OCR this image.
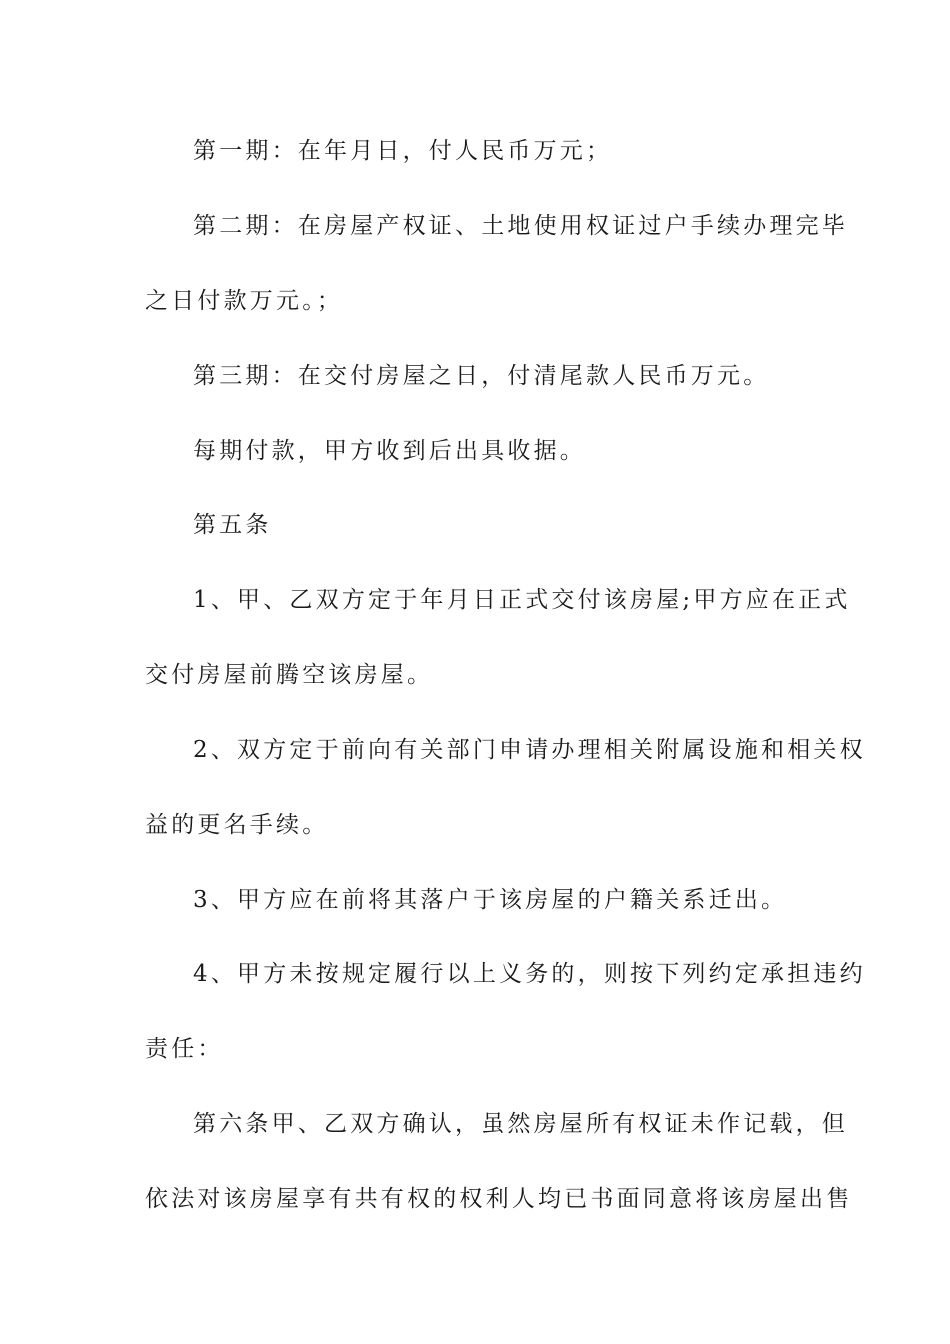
第一期：在年月日，付人民币万元；
第二期：在房屋产权证、土地使用权证过户手续办理完毕
之日付款万元。；
第三期：在交付房屋之日，付清尾款人民币万元。
每期付款，甲方收到后出具收据。
第五条
1、甲、乙双方定于年月日正式交付该房屋;甲方应在正式
交付房屋前腾空该房屋。
2、双方定于前向有关部门申请办理相关附属设施和相关权
益的更名手续。
3、甲方应在前将其落户于该房屋的户籍关系迁出。
4、甲方未按规定履行以上义务的，则按下列约定承担违约
责任：
第六条甲、乙双方确认，虽然房屋所有权证未作记载，但
依法对该房屋享有共有权的权利人均已书面同意将该房屋出售
